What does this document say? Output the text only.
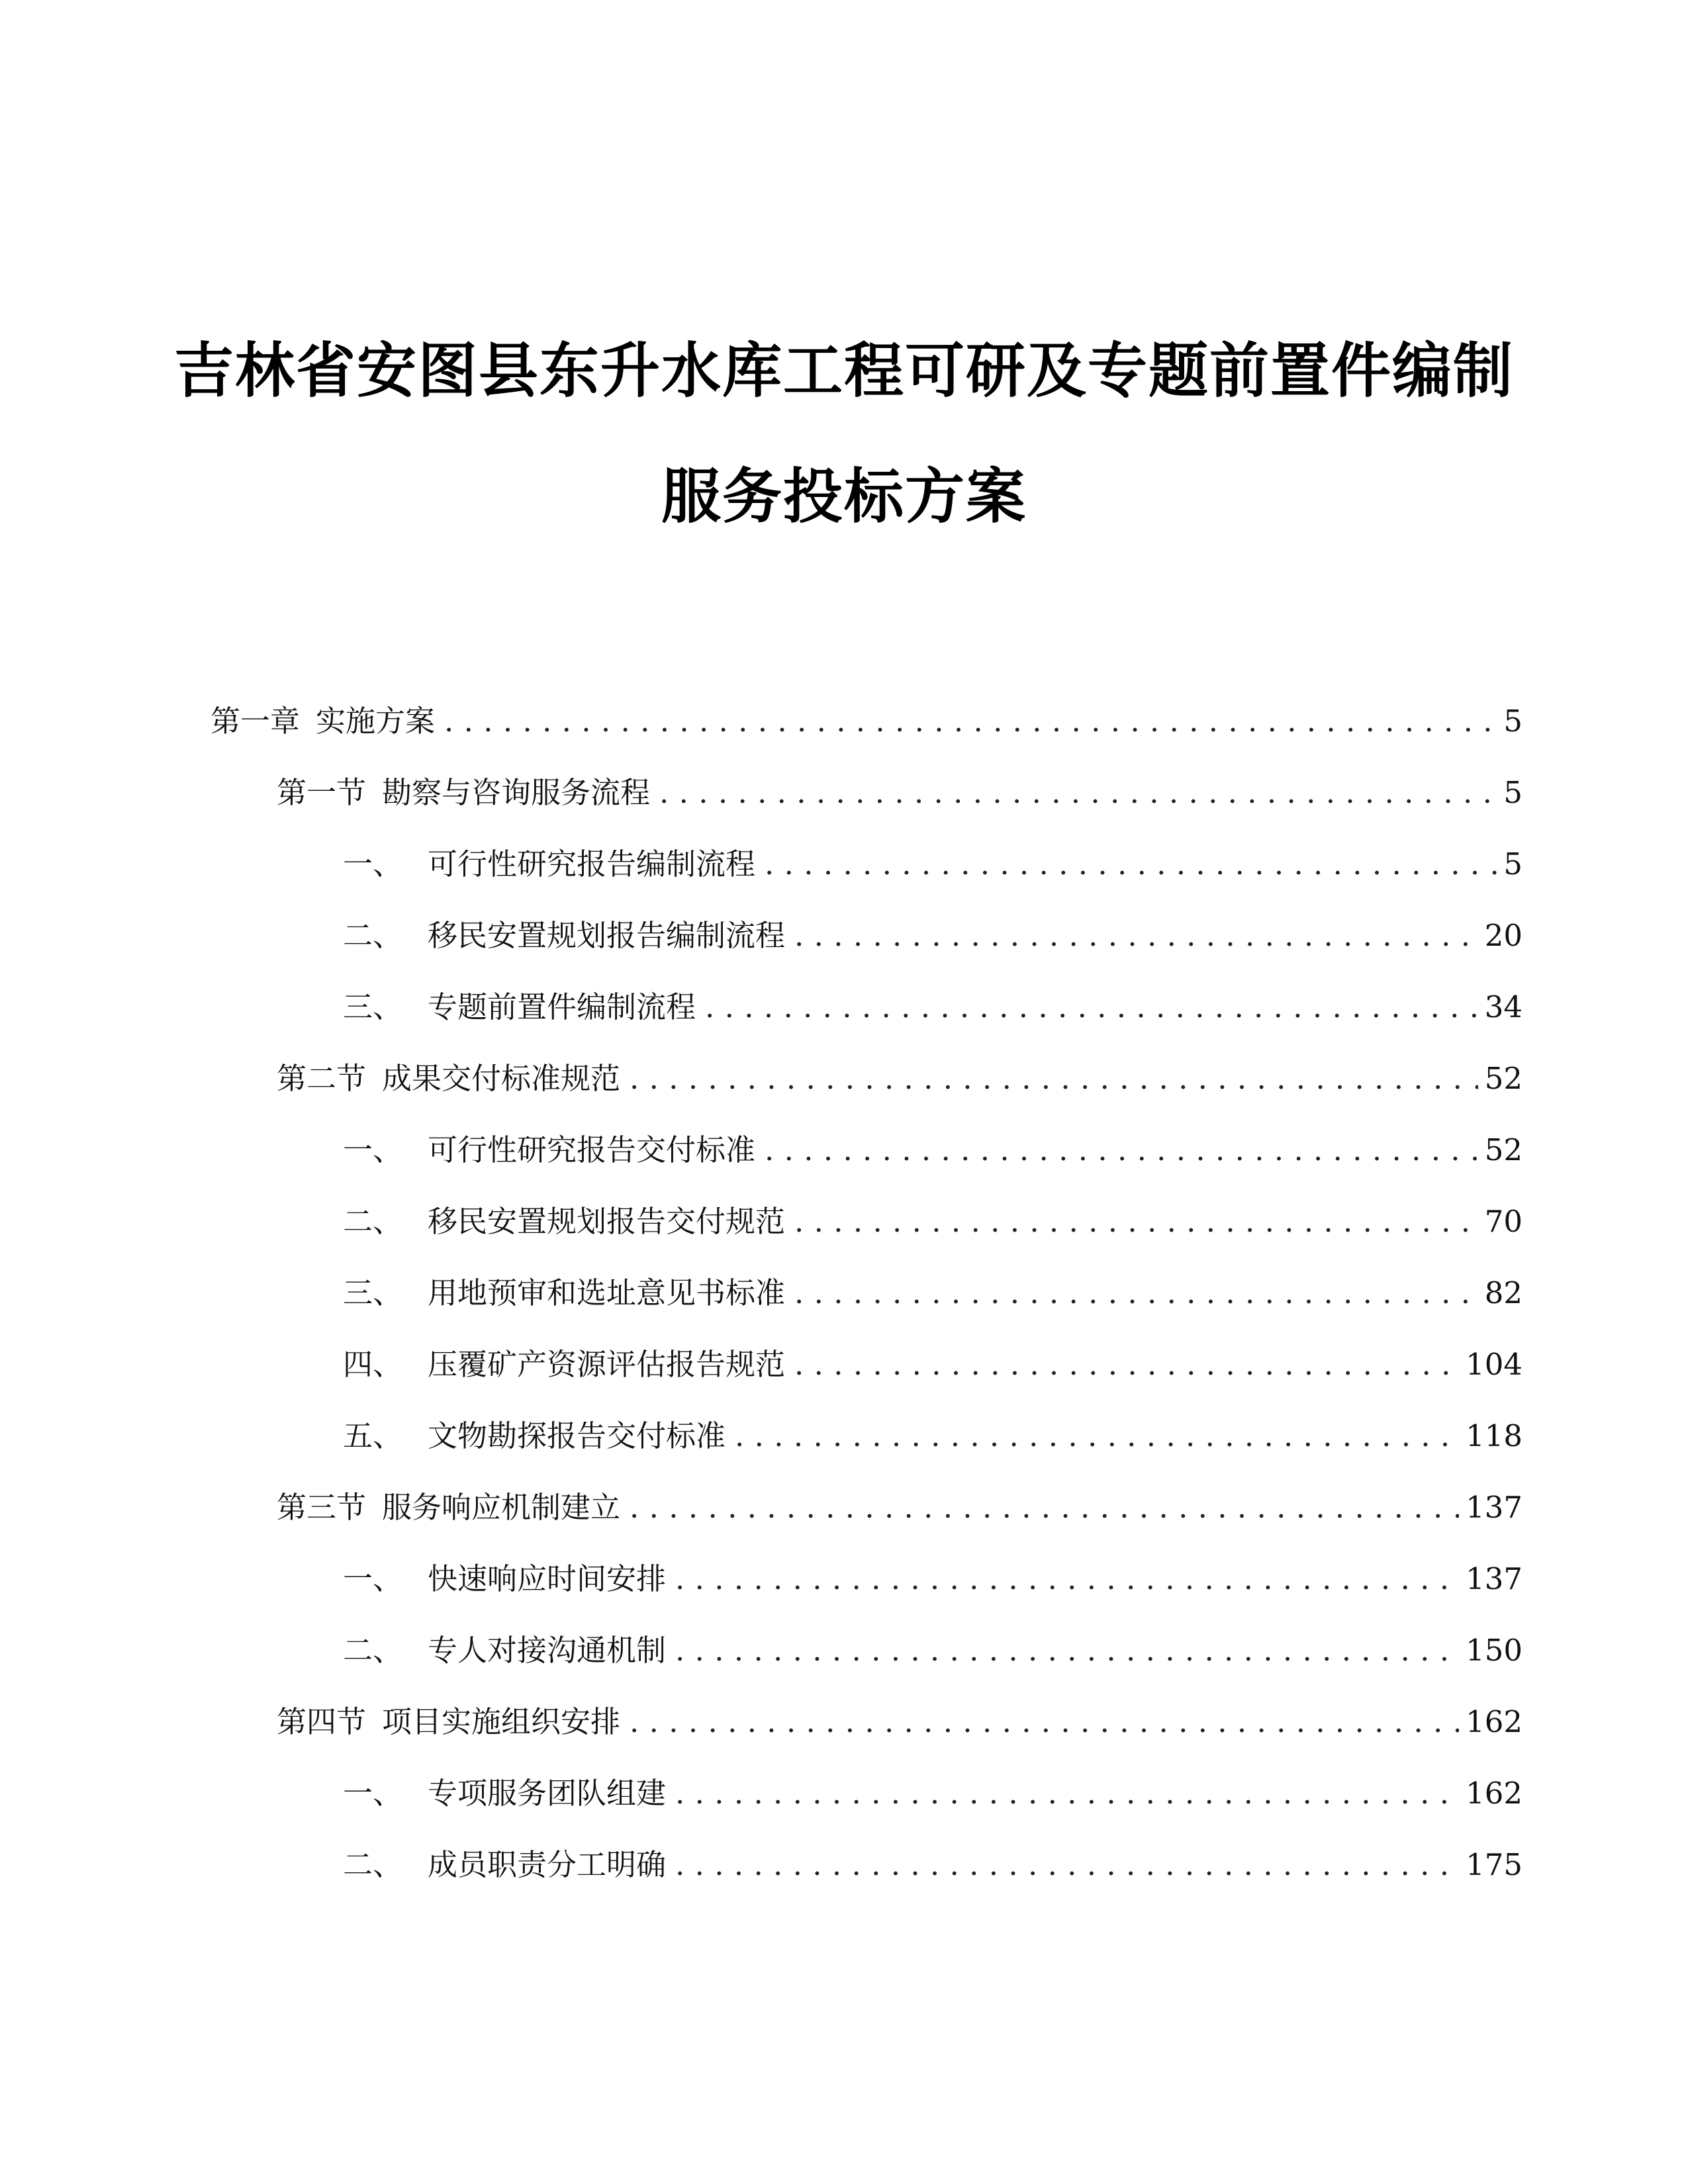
吉林省安图县东升水库工程可研及专题前置件编制
服务投标方案
第一章 实施方案 . . .	5
第一节 勘察与咨询服务流程 . . .	5
一、 可行性研究报告编制流程 . . .	5
二、 移民安置规划报告编制流程 . . .	20
三、 专题前置件编制流程 . . .	34
第二节 成果交付标准规范 . . .	52
一、 可行性研究报告交付标准 . . .	52
二、 移民安置规划报告交付规范 . . .	70
三、 用地预审和选址意见书标准 . . .	82
四、 压覆矿产资源评估报告规范 . . .	104
五、 文物勘探报告交付标准 . . .	118
第三节 服务响应机制建立 . . .	137
一、 快速响应时间安排 . . .	137
二、 专人对接沟通机制 . . .	150
第四节 项目实施组织安排 . . .	162
一、 专项服务团队组建 . . .	162
二、 成员职责分工明确 . . .	175
